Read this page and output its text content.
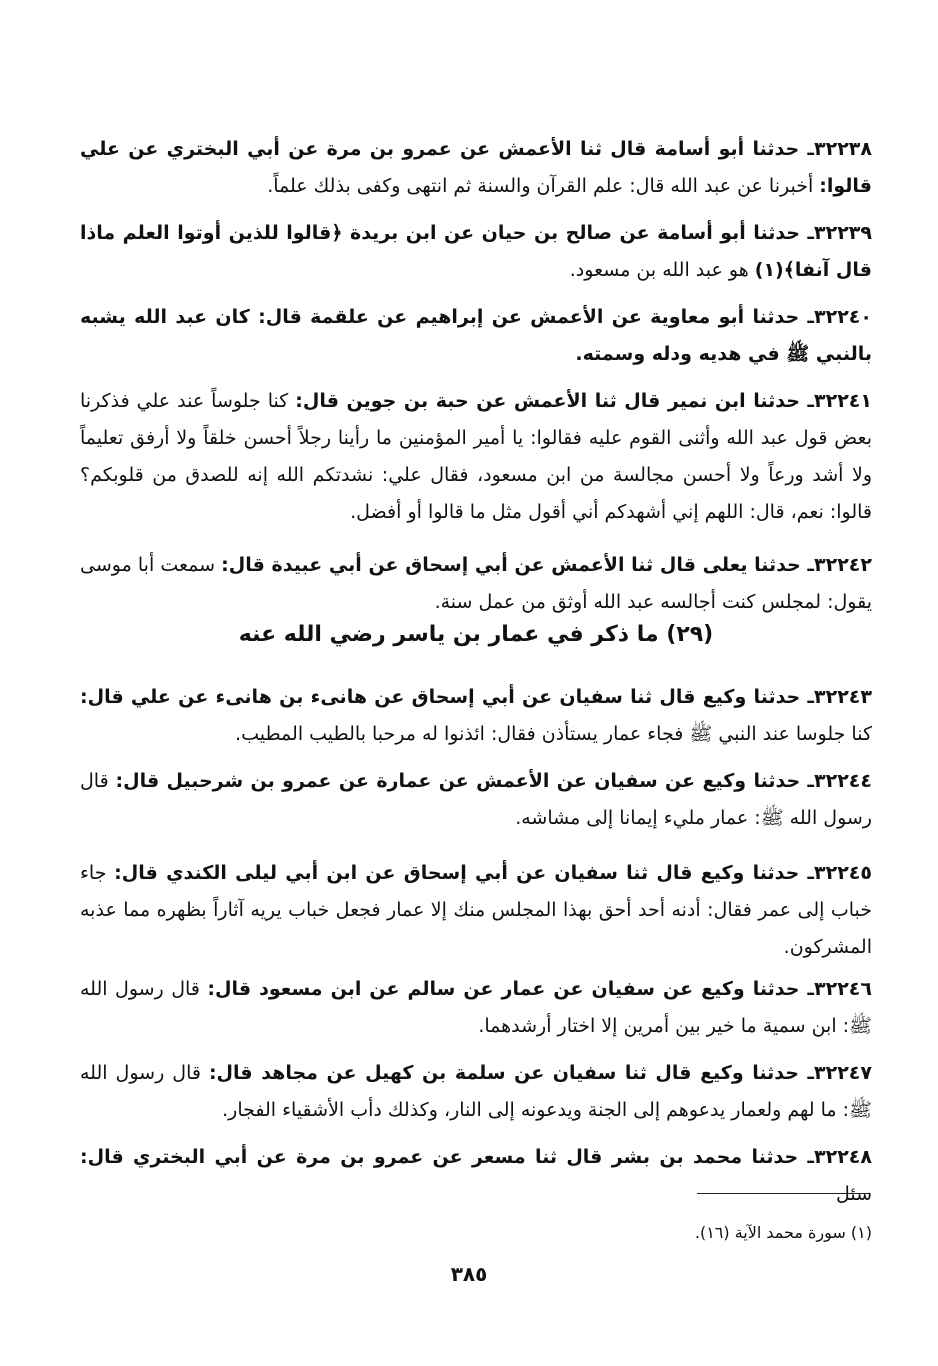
٣٢٢٣٨ـ حدثنا أبو أسامة قال ثنا الأعمش عن عمرو بن مرة عن أبي البختري عن علي قالوا: أخبرنا عن عبد الله قال: علم القرآن والسنة ثم انتهى وكفى بذلك علماً.

٣٢٢٣٩ـ حدثنا أبو أسامة عن صالح بن حيان عن ابن بريدة ﴿قالوا للذين أوتوا العلم ماذا قال آنفا﴾(١) هو عبد الله بن مسعود.

٣٢٢٤٠ـ حدثنا أبو معاوية عن الأعمش عن إبراهيم عن علقمة قال: كان عبد الله يشبه بالنبي ﷺ في هديه ودله وسمته.

٣٢٢٤١ـ حدثنا ابن نمير قال ثنا الأعمش عن حبة بن جوين قال: كنا جلوساً عند علي فذكرنا بعض قول عبد الله وأثنى القوم عليه فقالوا: يا أمير المؤمنين ما رأينا رجلاً أحسن خلقاً ولا أرفق تعليماً ولا أشد ورعاً ولا أحسن مجالسة من ابن مسعود، فقال علي: نشدتكم الله إنه للصدق من قلوبكم؟ قالوا: نعم، قال: اللهم إني أشهدكم أني أقول مثل ما قالوا أو أفضل.

٣٢٢٤٢ـ حدثنا يعلى قال ثنا الأعمش عن أبي إسحاق عن أبي عبيدة قال: سمعت أبا موسى يقول: لمجلس كنت أجالسه عبد الله أوثق من عمل سنة.

(٢٩) ما ذكر في عمار بن ياسر رضي الله عنه

٣٢٢٤٣ـ حدثنا وكيع قال ثنا سفيان عن أبي إسحاق عن هانىء بن هانىء عن علي قال: كنا جلوسا عند النبي ﷺ فجاء عمار يستأذن فقال: ائذنوا له مرحبا بالطيب المطيب.

٣٢٢٤٤ـ حدثنا وكيع عن سفيان عن الأعمش عن عمارة عن عمرو بن شرحبيل قال: قال رسول الله ﷺ: عمار مليء إيمانا إلى مشاشه.

٣٢٢٤٥ـ حدثنا وكيع قال ثنا سفيان عن أبي إسحاق عن ابن أبي ليلى الكندي قال: جاء خباب إلى عمر فقال: أدنه أحد أحق بهذا المجلس منك إلا عمار فجعل خباب يريه آثاراً بظهره مما عذبه المشركون.

٣٢٢٤٦ـ حدثنا وكيع عن سفيان عن عمار عن سالم عن ابن مسعود قال: قال رسول الله ﷺ: ابن سمية ما خير بين أمرين إلا اختار أرشدهما.

٣٢٢٤٧ـ حدثنا وكيع قال ثنا سفيان عن سلمة بن كهيل عن مجاهد قال: قال رسول الله ﷺ: ما لهم ولعمار يدعوهم إلى الجنة ويدعونه إلى النار، وكذلك دأب الأشقياء الفجار.

٣٢٢٤٨ـ حدثنا محمد بن بشر قال ثنا مسعر عن عمرو بن مرة عن أبي البختري قال: سئل

(١) سورة محمد الآية (١٦).
٣٨٥
